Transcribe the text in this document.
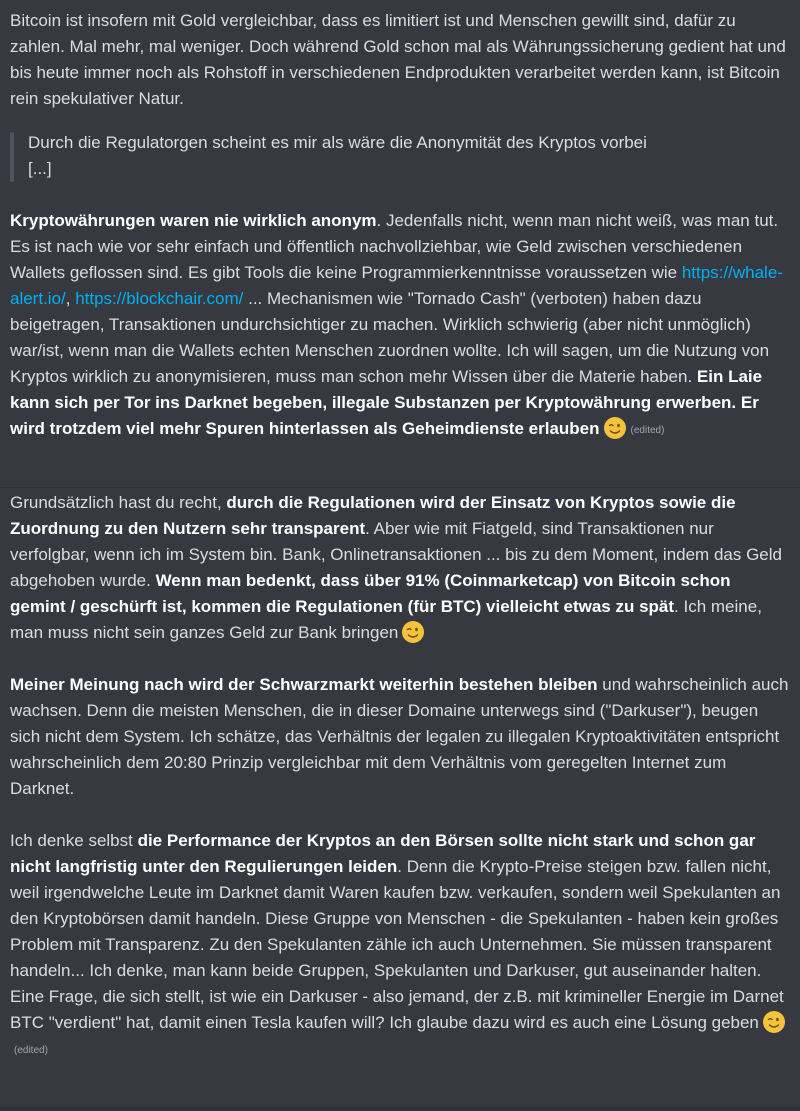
Bitcoin ist insofern mit Gold vergleichbar, dass es limitiert ist und Menschen gewillt sind, dafür zu zahlen. Mal mehr, mal weniger. Doch während Gold schon mal als Währungssicherung gedient hat und bis heute immer noch als Rohstoff in verschiedenen Endprodukten verarbeitet werden kann, ist Bitcoin rein spekulativer Natur.

Durch die Regulatorgen scheint es mir als wäre die Anonymität des Kryptos vorbei
[...]

Kryptowährungen waren nie wirklich anonym. Jedenfalls nicht, wenn man nicht weiß, was man tut. Es ist nach wie vor sehr einfach und öffentlich nachvollziehbar, wie Geld zwischen verschiedenen Wallets geflossen sind. Es gibt Tools die keine Programmierkenntnisse voraussetzen wie https://whale-alert.io/, https://blockchair.com/ ... Mechanismen wie "Tornado Cash" (verboten) haben dazu beigetragen, Transaktionen undurchsichtiger zu machen. Wirklich schwierig (aber nicht unmöglich) war/ist, wenn man die Wallets echten Menschen zuordnen wollte. Ich will sagen, um die Nutzung von Kryptos wirklich zu anonymisieren, muss man schon mehr Wissen über die Materie haben. Ein Laie kann sich per Tor ins Darknet begeben, illegale Substanzen per Kryptowährung erwerben. Er wird trotzdem viel mehr Spuren hinterlassen als Geheimdienste erlauben	(edited)

Grundsätzlich hast du recht, durch die Regulationen wird der Einsatz von Kryptos sowie die Zuordnung zu den Nutzern sehr transparent. Aber wie mit Fiatgeld, sind Transaktionen nur verfolgbar, wenn ich im System bin. Bank, Onlinetransaktionen ... bis zu dem Moment, indem das Geld abgehoben wurde. Wenn man bedenkt, dass über 91% (Coinmarketcap) von Bitcoin schon gemint / geschürft ist, kommen die Regulationen (für BTC) vielleicht etwas zu spät. Ich meine, man muss nicht sein ganzes Geld zur Bank bringen

Meiner Meinung nach wird der Schwarzmarkt weiterhin bestehen bleiben und wahrscheinlich auch wachsen. Denn die meisten Menschen, die in dieser Domaine unterwegs sind ("Darkuser"), beugen sich nicht dem System. Ich schätze, das Verhältnis der legalen zu illegalen Kryptoaktivitäten entspricht wahrscheinlich dem 20:80 Prinzip vergleichbar mit dem Verhältnis vom geregelten Internet zum Darknet.

Ich denke selbst die Performance der Kryptos an den Börsen sollte nicht stark und schon gar nicht langfristig unter den Regulierungen leiden. Denn die Krypto-Preise steigen bzw. fallen nicht, weil irgendwelche Leute im Darknet damit Waren kaufen bzw. verkaufen, sondern weil Spekulanten an den Kryptobörsen damit handeln. Diese Gruppe von Menschen - die Spekulanten - haben kein großes Problem mit Transparenz. Zu den Spekulanten zähle ich auch Unternehmen. Sie müssen transparent handeln... Ich denke, man kann beide Gruppen, Spekulanten und Darkuser, gut auseinander halten.

Eine Frage, die sich stellt, ist wie ein Darkuser - also jemand, der z.B. mit krimineller Energie im Darnet BTC "verdient" hat, damit einen Tesla kaufen will? Ich glaube dazu wird es auch eine Lösung geben(edited)
